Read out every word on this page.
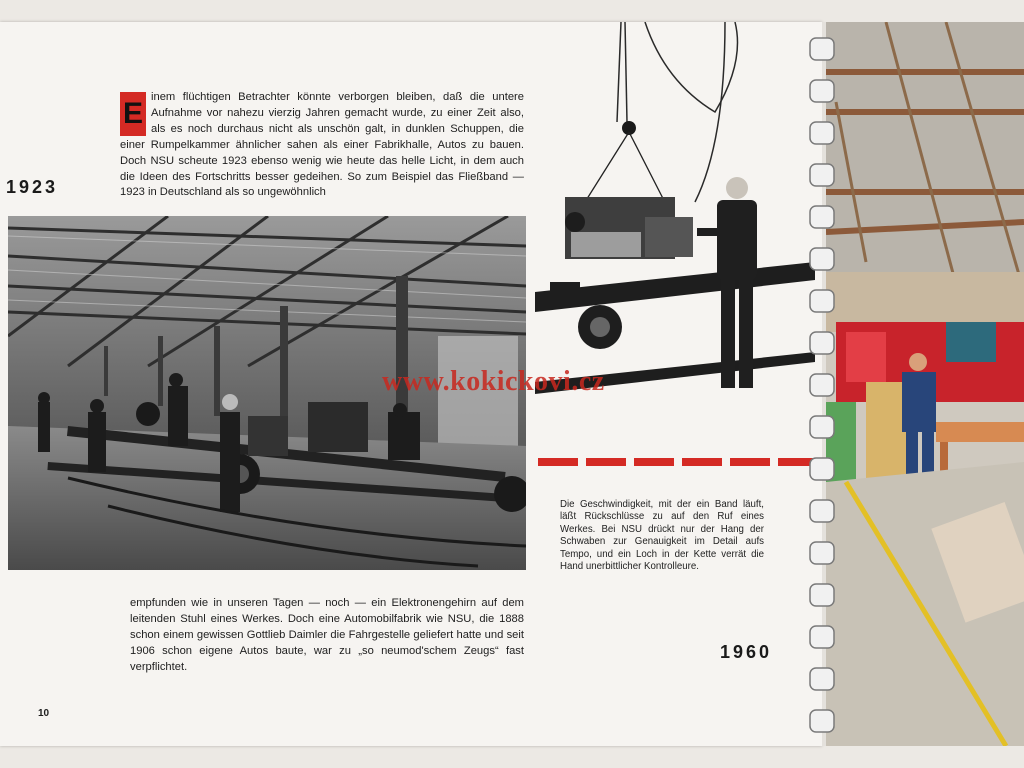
1923
1960
E inem flüchtigen Betrachter könnte verborgen bleiben, daß die untere Aufnahme vor nahezu vierzig Jahren gemacht wurde, zu einer Zeit also, als es noch durchaus nicht als unschön galt, in dunklen Schuppen, die einer Rumpelkammer ähnlicher sahen als einer Fabrikhalle, Autos zu bauen. Doch NSU scheute 1923 ebenso wenig wie heute das helle Licht, in dem auch die Ideen des Fortschritts besser gedeihen. So zum Beispiel das Fließband — 1923 in Deutschland als so ungewöhnlich
empfunden wie in unseren Tagen — noch — ein Elektronengehirn auf dem leitenden Stuhl eines Werkes. Doch eine Automobilfabrik wie NSU, die 1888 schon einem gewissen Gottlieb Daimler die Fahrgestelle geliefert hatte und seit 1906 schon eigene Autos baute, war zu „so neumod'schem Zeugs“ fast verpflichtet.
Die Geschwindigkeit, mit der ein Band läuft, läßt Rückschlüsse zu auf den Ruf eines Werkes. Bei NSU drückt nur der Hang der Schwaben zur Genauigkeit im Detail aufs Tempo, und ein Loch in der Kette verrät die Hand unerbittlicher Kontrolleure.
www.kokickovi.cz
10
